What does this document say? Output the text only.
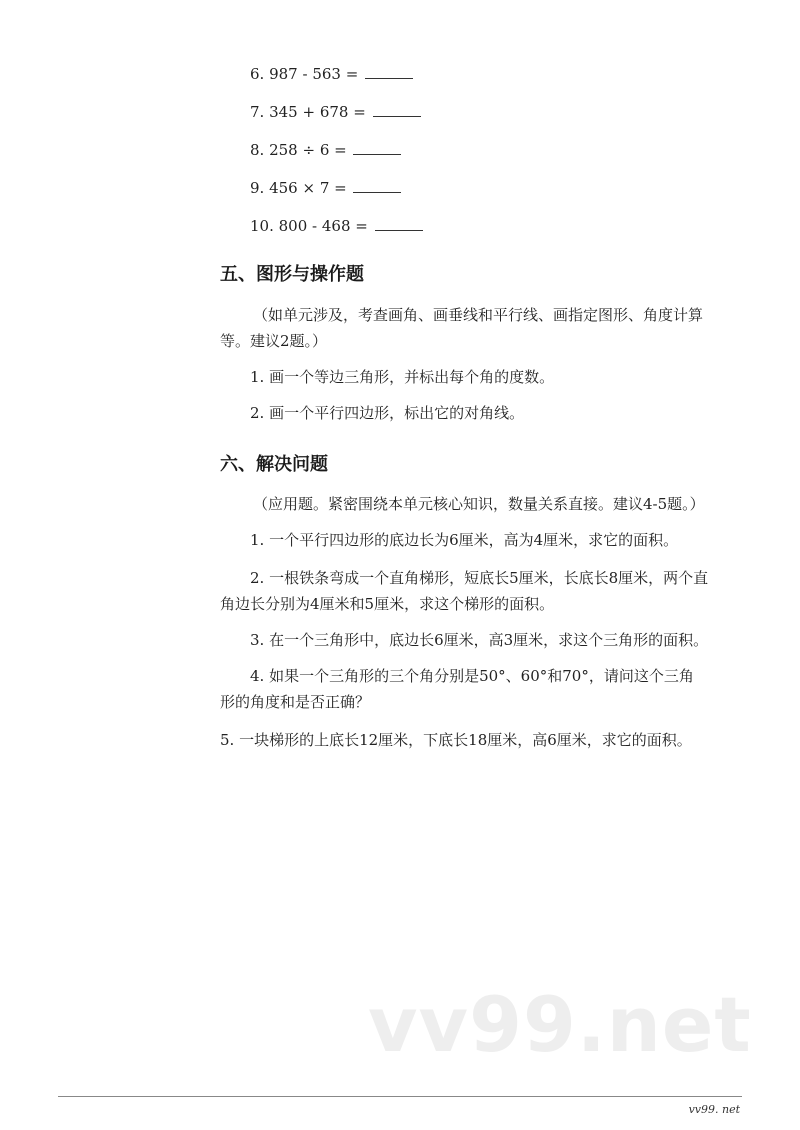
6. 987 - 563 =
7. 345 + 678 =
8. 258 ÷ 6 =
9. 456 × 7 =
10. 800 - 468 =
五、图形与操作题
（如单元涉及，考查画角、画垂线和平行线、画指定图形、角度计算
等。建议2题。）
1. 画一个等边三角形，并标出每个角的度数。
2. 画一个平行四边形，标出它的对角线。
六、解决问题
（应用题。紧密围绕本单元核心知识，数量关系直接。建议4-5题。）
1. 一个平行四边形的底边长为6厘米，高为4厘米，求它的面积。
2. 一根铁条弯成一个直角梯形，短底长5厘米，长底长8厘米，两个直
角边长分别为4厘米和5厘米，求这个梯形的面积。
3. 在一个三角形中，底边长6厘米，高3厘米，求这个三角形的面积。
4. 如果一个三角形的三个角分别是50°、60°和70°，请问这个三角
形的角度和是否正确？
5. 一块梯形的上底长12厘米，下底长18厘米，高6厘米，求它的面积。
vv99.net
vv99. net
